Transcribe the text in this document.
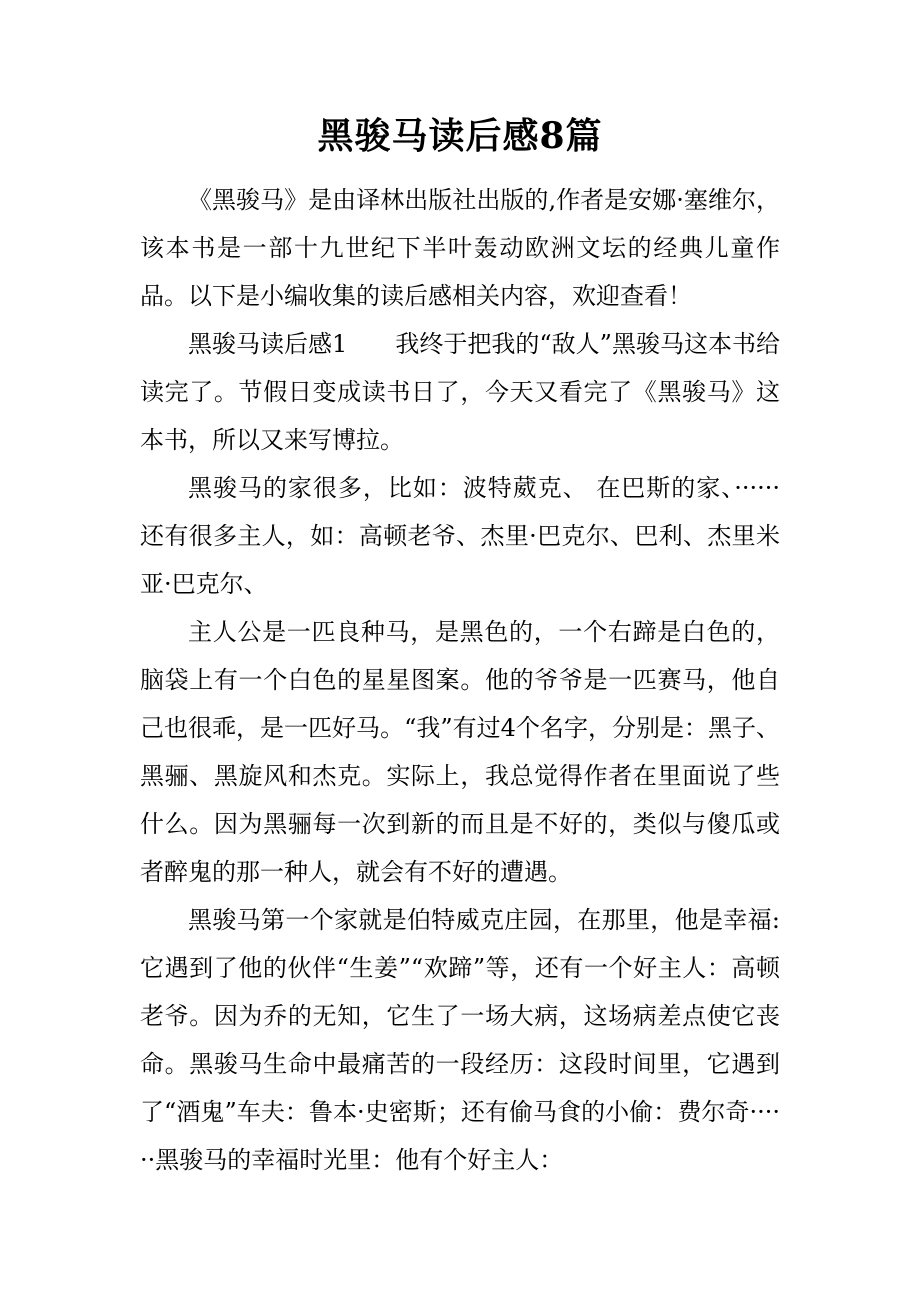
黑骏马读后感8篇

《黑骏马》是由译林出版社出版的,作者是安娜·塞维尔，该本书是一部十九世纪下半叶轰动欧洲文坛的经典儿童作品。以下是小编收集的读后感相关内容，欢迎查看！

黑骏马读后感1　　我终于把我的“敌人”黑骏马这本书给读完了。节假日变成读书日了，今天又看完了《黑骏马》这本书，所以又来写博拉。

黑骏马的家很多，比如：波特葳克、 在巴斯的家、······还有很多主人，如：高顿老爷、杰里·巴克尔、巴利、杰里米亚·巴克尔、

主人公是一匹良种马，是黑色的，一个右蹄是白色的，脑袋上有一个白色的星星图案。他的爷爷是一匹赛马，他自己也很乖，是一匹好马。“我”有过4个名字，分别是：黑子、黑骊、黑旋风和杰克。实际上，我总觉得作者在里面说了些什么。因为黑骊每一次到新的而且是不好的，类似与傻瓜或者醉鬼的那一种人，就会有不好的遭遇。

黑骏马第一个家就是伯特威克庄园，在那里，他是幸福:它遇到了他的伙伴“生姜”“欢蹄”等，还有一个好主人：高顿老爷。因为乔的无知，它生了一场大病，这场病差点使它丧命。黑骏马生命中最痛苦的一段经历：这段时间里，它遇到了“酒鬼”车夫：鲁本·史密斯；还有偷马食的小偷：费尔奇······黑骏马的幸福时光里：他有个好主人：
